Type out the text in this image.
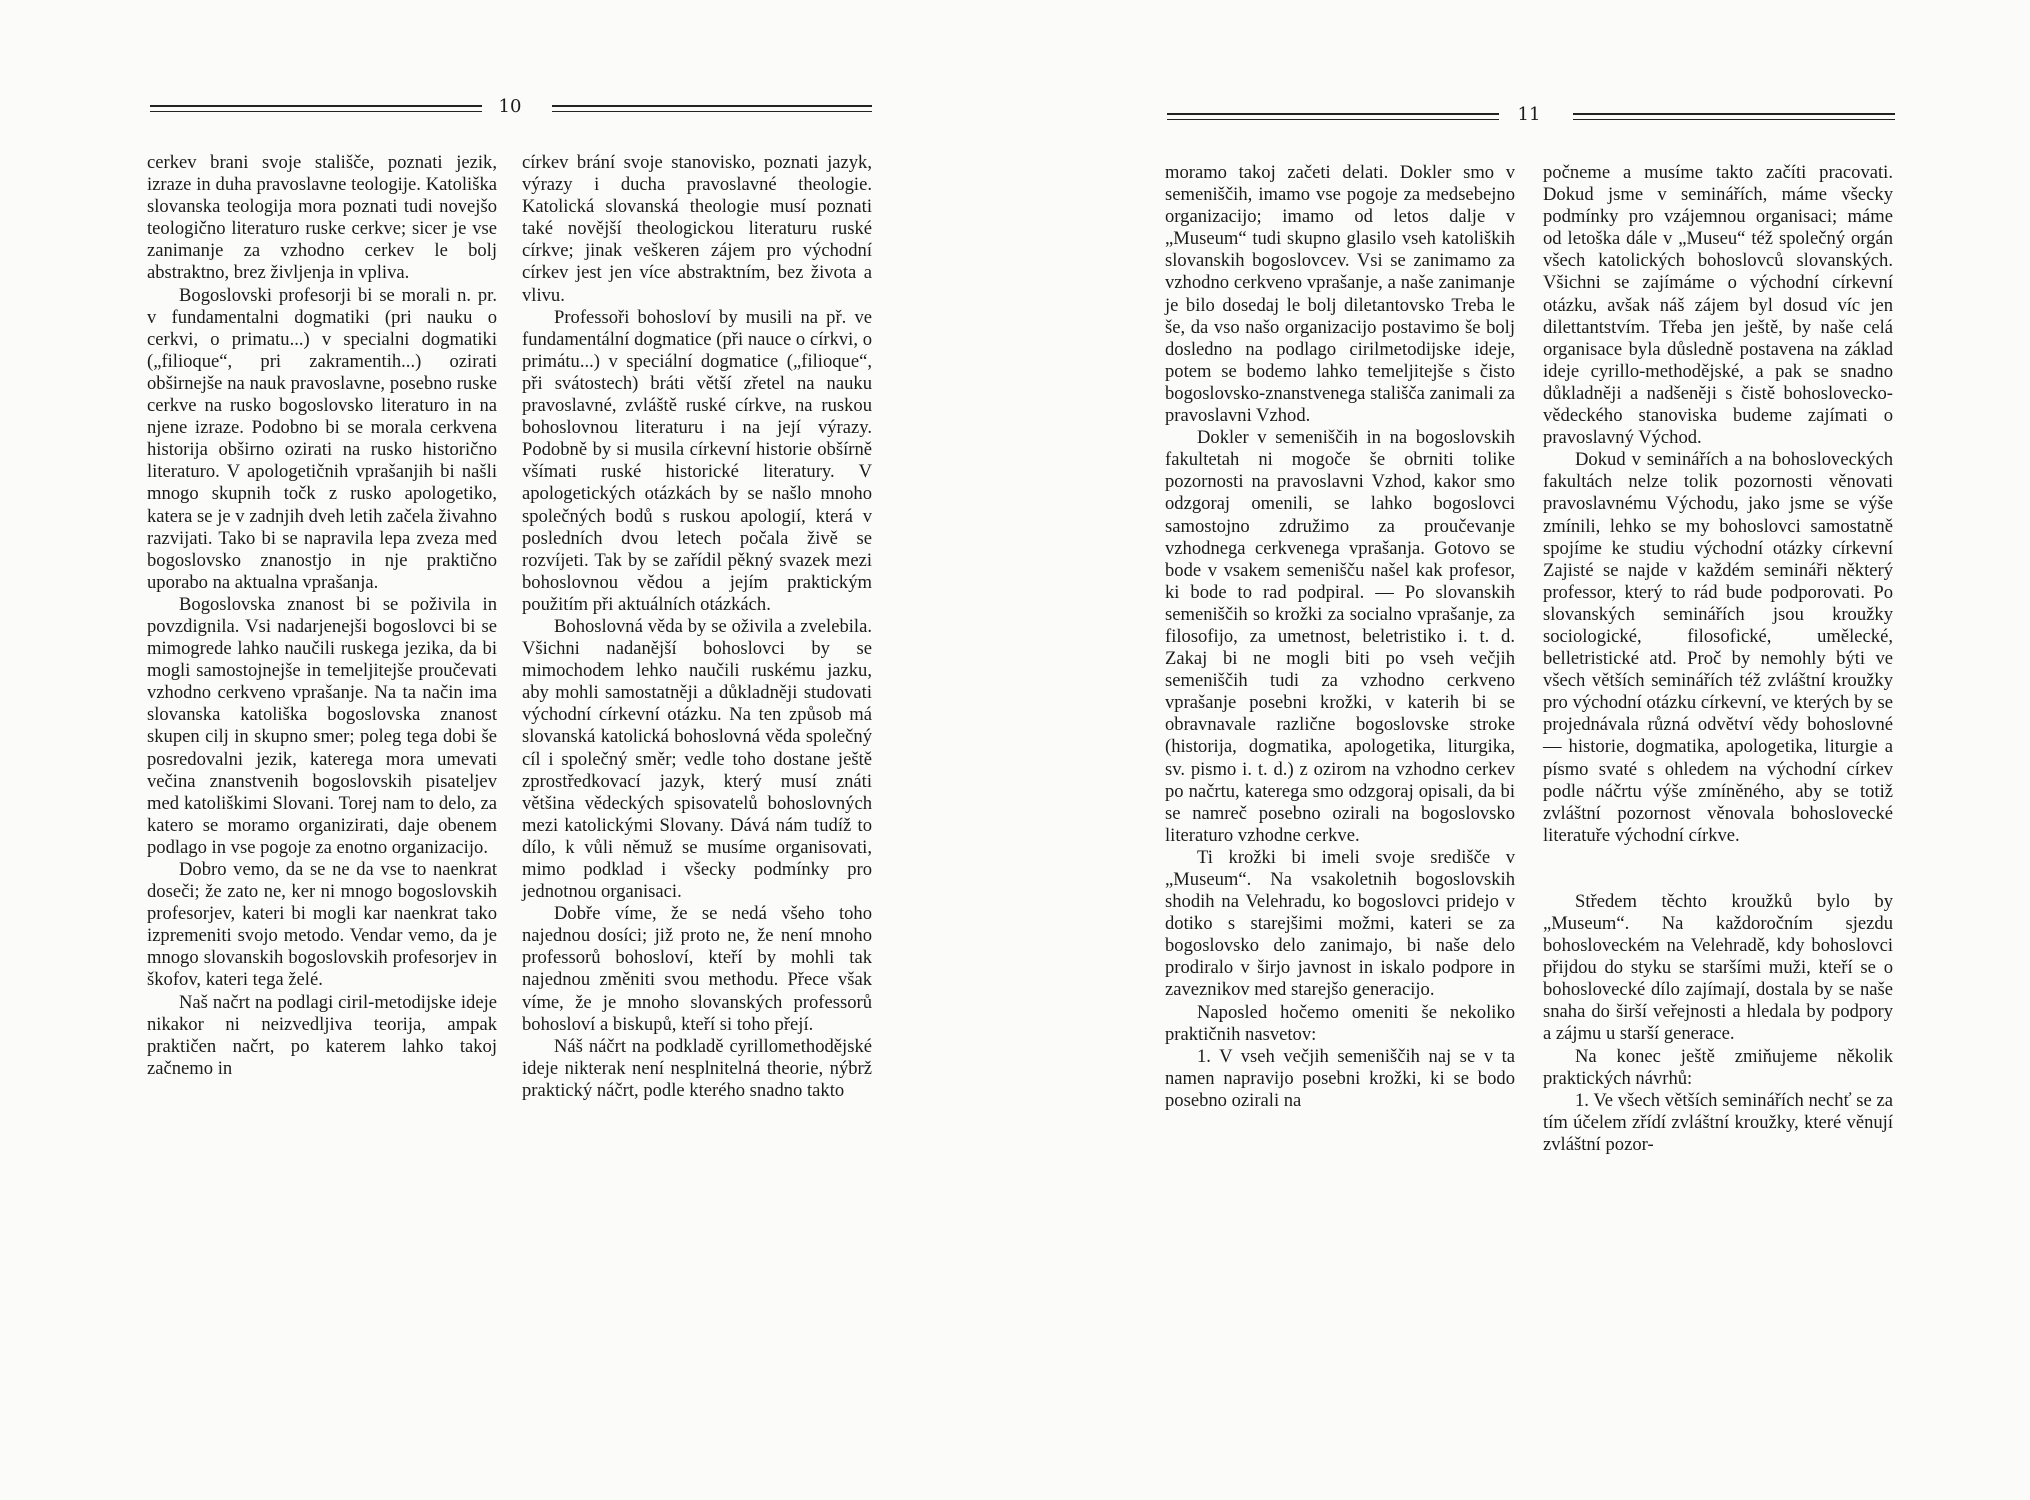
10

cerkev brani svoje stališče, poznati jezik, izraze in duha pravoslavne teologije. Katoliška slovanska teologija mora poznati tudi novejšo teologično literaturo ruske cerkve; sicer je vse zanimanje za vzhodno cerkev le bolj abstraktno, brez življenja in vpliva.

Bogoslovski profesorji bi se morali n. pr. v fundamentalni dogmatiki (pri nauku o cerkvi, o primatu...) v specialni dogmatiki („filioque“, pri zakramentih...) ozirati obširnejše na nauk pravoslavne, posebno ruske cerkve na rusko bogoslovsko literaturo in na njene izraze. Podobno bi se morala cerkvena historija obširno ozirati na rusko historično literaturo. V apologetičnih vprašanjih bi našli mnogo skupnih točk z rusko apologetiko, katera se je v zadnjih dveh letih začela živahno razvijati. Tako bi se napravila lepa zveza med bogoslovsko znanostjo in nje praktično uporabo na aktualna vprašanja.

Bogoslovska znanost bi se poživila in povzdignila. Vsi nadarjenejši bogoslovci bi se mimogrede lahko naučili ruskega jezika, da bi mogli samostojnejše in temeljitejše proučevati vzhodno cerkveno vprašanje. Na ta način ima slovanska katoliška bogoslovska znanost skupen cilj in skupno smer; poleg tega dobi še posredovalni jezik, katerega mora umevati večina znanstvenih bogoslovskih pisateljev med katoliškimi Slovani. Torej nam to delo, za katero se moramo organizirati, daje obenem podlago in vse pogoje za enotno organizacijo.

Dobro vemo, da se ne da vse to naenkrat doseči; že zato ne, ker ni mnogo bogoslovskih profesorjev, kateri bi mogli kar naenkrat tako izpremeniti svojo metodo. Vendar vemo, da je mnogo slovanskih bogoslovskih profesorjev in škofov, kateri tega želé.

Naš načrt na podlagi ciril-metodijske ideje nikakor ni neizvedljiva teorija, ampak praktičen načrt, po katerem lahko takoj začnemo in

církev brání svoje stanovisko, poznati jazyk, výrazy i ducha pravoslavné theologie. Katolická slovanská theologie musí poznati také novější theologickou literaturu ruské církve; jinak veškeren zájem pro východní církev jest jen více abstraktním, bez života a vlivu.

Professoři bohosloví by musili na př. ve fundamentální dogmatice (při nauce o církvi, o primátu...) v speciální dogmatice („filioque“, při svátostech) bráti větší zřetel na nauku pravoslavné, zvláště ruské církve, na ruskou bohoslovnou literaturu i na její výrazy. Podobně by si musila církevní historie obšírně všímati ruské historické literatury. V apologetických otázkách by se našlo mnoho společných bodů s ruskou apologií, která v posledních dvou letech počala živě se rozvíjeti. Tak by se zařídil pěkný svazek mezi bohoslovnou vědou a jejím praktickým použitím při aktuálních otázkách.

Bohoslovná věda by se oživila a zvelebila. Všichni nadanější bohoslovci by se mimochodem lehko naučili ruskému jazku, aby mohli samostatněji a důkladněji studovati východní církevní otázku. Na ten způsob má slovanská katolická bohoslovná věda společný cíl i společný směr; vedle toho dostane ještě zprostředkovací jazyk, který musí znáti většina vědeckých spisovatelů bohoslovných mezi katolickými Slovany. Dává nám tudíž to dílo, k vůli němuž se musíme organisovati, mimo podklad i všecky podmínky pro jednotnou organisaci.

Dobře víme, že se nedá všeho toho najednou dosíci; již proto ne, že není mnoho professorů bohosloví, kteří by mohli tak najednou změniti svou methodu. Přece však víme, že je mnoho slovanských professorů bohosloví a biskupů, kteří si toho přejí.

Náš náčrt na podkladě cyrillomethodějské ideje nikterak není nesplnitelná theorie, nýbrž praktický náčrt, podle kterého snadno takto

11

moramo takoj začeti delati. Dokler smo v semeniščih, imamo vse pogoje za medsebejno organizacijo; imamo od letos dalje v „Museum“ tudi skupno glasilo vseh katoliških slovanskih bogoslovcev. Vsi se zanimamo za vzhodno cerkveno vprašanje, a naše zanimanje je bilo dosedaj le bolj diletantovsko Treba le še, da vso našo organizacijo postavimo še bolj dosledno na podlago cirilmetodijske ideje, potem se bodemo lahko temeljitejše s čisto bogoslovsko-znanstvenega stališča zanimali za pravoslavni Vzhod.

Dokler v semeniščih in na bogoslovskih fakultetah ni mogoče še obrniti tolike pozornosti na pravoslavni Vzhod, kakor smo odzgoraj omenili, se lahko bogoslovci samostojno združimo za proučevanje vzhodnega cerkvenega vprašanja. Gotovo se bode v vsakem semenišču našel kak profesor, ki bode to rad podpiral. — Po slovanskih semeniščih so krožki za socialno vprašanje, za filosofijo, za umetnost, beletristiko i. t. d. Zakaj bi ne mogli biti po vseh večjih semeniščih tudi za vzhodno cerkveno vprašanje posebni krožki, v katerih bi se obravnavale različne bogoslovske stroke (historija, dogmatika, apologetika, liturgika, sv. pismo i. t. d.) z ozirom na vzhodno cerkev po načrtu, katerega smo odzgoraj opisali, da bi se namreč posebno ozirali na bogoslovsko literaturo vzhodne cerkve.

Ti krožki bi imeli svoje središče v „Museum“. Na vsakoletnih bogoslovskih shodih na Velehradu, ko bogoslovci pridejo v dotiko s starejšimi možmi, kateri se za bogoslovsko delo zanimajo, bi naše delo prodiralo v širjo javnost in iskalo podpore in zaveznikov med starejšo generacijo.

Naposled hočemo omeniti še nekoliko praktičnih nasvetov:

1. V vseh večjih semeniščih naj se v ta namen napravijo posebni krožki, ki se bodo posebno ozirali na

počneme a musíme takto začíti pracovati. Dokud jsme v seminářích, máme všecky podmínky pro vzájemnou organisaci; máme od letoška dále v „Museu“ též společný orgán všech katolických bohoslovců slovanských. Všichni se zajímáme o východní církevní otázku, avšak náš zájem byl dosud víc jen dilettantstvím. Třeba jen ještě, by naše celá organisace byla důsledně postavena na základ ideje cyrillo-methodějské, a pak se snadno důkladněji a nadšeněji s čistě bohoslovecko-vědeckého stanoviska budeme zajímati o pravoslavný Východ.

Dokud v seminářích a na bohosloveckých fakultách nelze tolik pozornosti věnovati pravoslavnému Východu, jako jsme se výše zmínili, lehko se my bohoslovci samostatně spojíme ke studiu východní otázky církevní Zajisté se najde v každém semináři některý professor, který to rád bude podporovati. Po slovanských seminářích jsou kroužky sociologické, filosofické, umělecké, belletristické atd. Proč by nemohly býti ve všech větších seminářích též zvláštní kroužky pro východní otázku církevní, ve kterých by se projednávala různá odvětví vědy bohoslovné — historie, dogmatika, apologetika, liturgie a písmo svaté s ohledem na východní církev podle náčrtu výše zmíněného, aby se totiž zvláštní pozornost věnovala bohoslovecké literatuře východní církve.

Středem těchto kroužků bylo by „Museum“. Na každoročním sjezdu bohosloveckém na Velehradě, kdy bohoslovci přijdou do styku se staršími muži, kteří se o bohoslovecké dílo zajímají, dostala by se naše snaha do širší veřejnosti a hledala by podpory a zájmu u starší generace.

Na konec ještě zmiňujeme několik praktických návrhů:

1. Ve všech větších seminářích nechť se za tím účelem zřídí zvláštní kroužky, které věnují zvláštní pozor-
